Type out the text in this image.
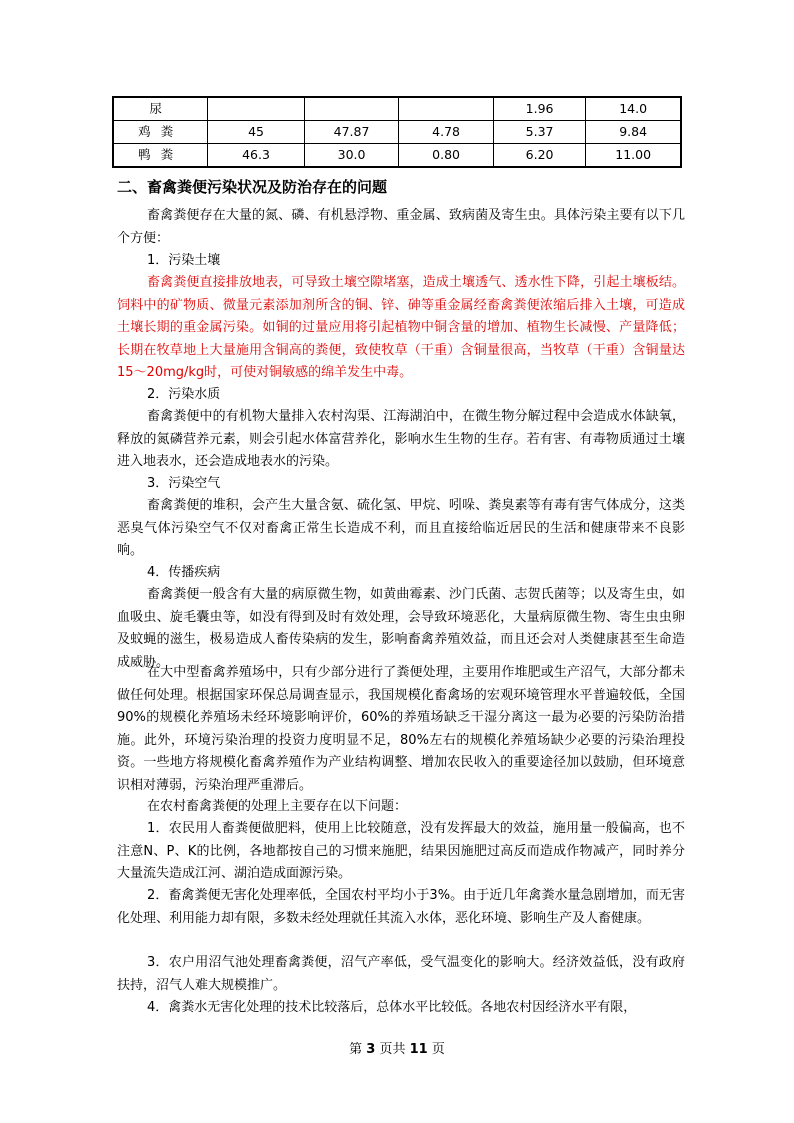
尿				1.96	14.0
鸡粪	45	47.87	4.78	5.37	9.84
鸭粪	46.3	30.0	0.80	6.20	11.00
二、畜禽粪便污染状况及防治存在的问题
畜禽粪便存在大量的氮、磷、有机悬浮物、重金属、致病菌及寄生虫。具体污染主要有以下几个方便：
1．污染土壤
畜禽粪便直接排放地表，可导致土壤空隙堵塞，造成土壤透气、透水性下降，引起土壤板结。饲料中的矿物质、微量元素添加剂所含的铜、锌、砷等重金属经畜禽粪便浓缩后排入土壤，可造成土壤长期的重金属污染。如铜的过量应用将引起植物中铜含量的增加、植物生长减慢、产量降低；长期在牧草地上大量施用含铜高的粪便，致使牧草（干重）含铜量很高，当牧草（干重）含铜量达15～20mg/kg时，可使对铜敏感的绵羊发生中毒。
2．污染水质
畜禽粪便中的有机物大量排入农村沟渠、江海湖泊中，在微生物分解过程中会造成水体缺氧，释放的氮磷营养元素，则会引起水体富营养化，影响水生生物的生存。若有害、有毒物质通过土壤进入地表水，还会造成地表水的污染。
3．污染空气
畜禽粪便的堆积，会产生大量含氨、硫化氢、甲烷、吲哚、粪臭素等有毒有害气体成分，这类恶臭气体污染空气不仅对畜禽正常生长造成不利，而且直接给临近居民的生活和健康带来不良影响。
4．传播疾病
畜禽粪便一般含有大量的病原微生物，如黄曲霉素、沙门氏菌、志贺氏菌等；以及寄生虫，如血吸虫、旋毛囊虫等，如没有得到及时有效处理，会导致环境恶化，大量病原微生物、寄生虫虫卵及蚊蝇的滋生，极易造成人畜传染病的发生，影响畜禽养殖效益，而且还会对人类健康甚至生命造成威胁。
在大中型畜禽养殖场中，只有少部分进行了粪便处理，主要用作堆肥或生产沼气，大部分都未做任何处理。根据国家环保总局调查显示，我国规模化畜禽场的宏观环境管理水平普遍较低，全国90%的规模化养殖场未经环境影响评价，60%的养殖场缺乏干湿分离这一最为必要的污染防治措施。此外，环境污染治理的投资力度明显不足，80%左右的规模化养殖场缺少必要的污染治理投资。一些地方将规模化畜禽养殖作为产业结构调整、增加农民收入的重要途径加以鼓励，但环境意识相对薄弱，污染治理严重滞后。
在农村畜禽粪便的处理上主要存在以下问题：
1．农民用人畜粪便做肥料，使用上比较随意，没有发挥最大的效益，施用量一般偏高，也不注意N、P、K的比例，各地都按自己的习惯来施肥，结果因施肥过高反而造成作物减产，同时养分大量流失造成江河、湖泊造成面源污染。
2．畜禽粪便无害化处理率低，全国农村平均小于3%。由于近几年禽粪水量急剧增加，而无害化处理、利用能力却有限，多数未经处理就任其流入水体，恶化环境、影响生产及人畜健康。
3．农户用沼气池处理畜禽粪便，沼气产率低，受气温变化的影响大。经济效益低，没有政府扶持，沼气人难大规模推广。
4．禽粪水无害化处理的技术比较落后，总体水平比较低。各地农村因经济水平有限，
第 3 页共 11 页
